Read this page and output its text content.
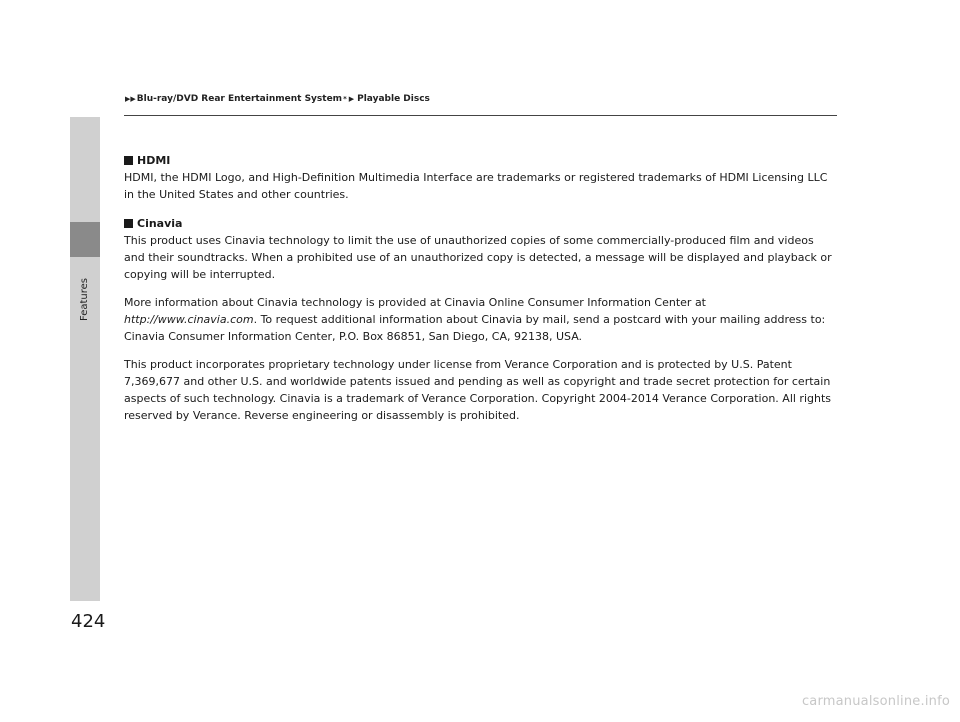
Features
▶▶ Blu-ray/DVD Rear Entertainment System * ▶ Playable Discs
HDMI

HDMI, the HDMI Logo, and High-Definition Multimedia Interface are trademarks or registered trademarks of HDMI Licensing LLC in the United States and other countries.

Cinavia

This product uses Cinavia technology to limit the use of unauthorized copies of some commercially-produced film and videos and their soundtracks. When a prohibited use of an unauthorized copy is detected, a message will be displayed and playback or copying will be interrupted.

More information about Cinavia technology is provided at Cinavia Online Consumer Information Center at http://www.cinavia.com. To request additional information about Cinavia by mail, send a postcard with your mailing address to: Cinavia Consumer Information Center, P.O. Box 86851, San Diego, CA, 92138, USA.

This product incorporates proprietary technology under license from Verance Corporation and is protected by U.S. Patent 7,369,677 and other U.S. and worldwide patents issued and pending as well as copyright and trade secret protection for certain aspects of such technology. Cinavia is a trademark of Verance Corporation. Copyright 2004-2014 Verance Corporation. All rights reserved by Verance. Reverse engineering or disassembly is prohibited.

424
carmanualsonline.info
